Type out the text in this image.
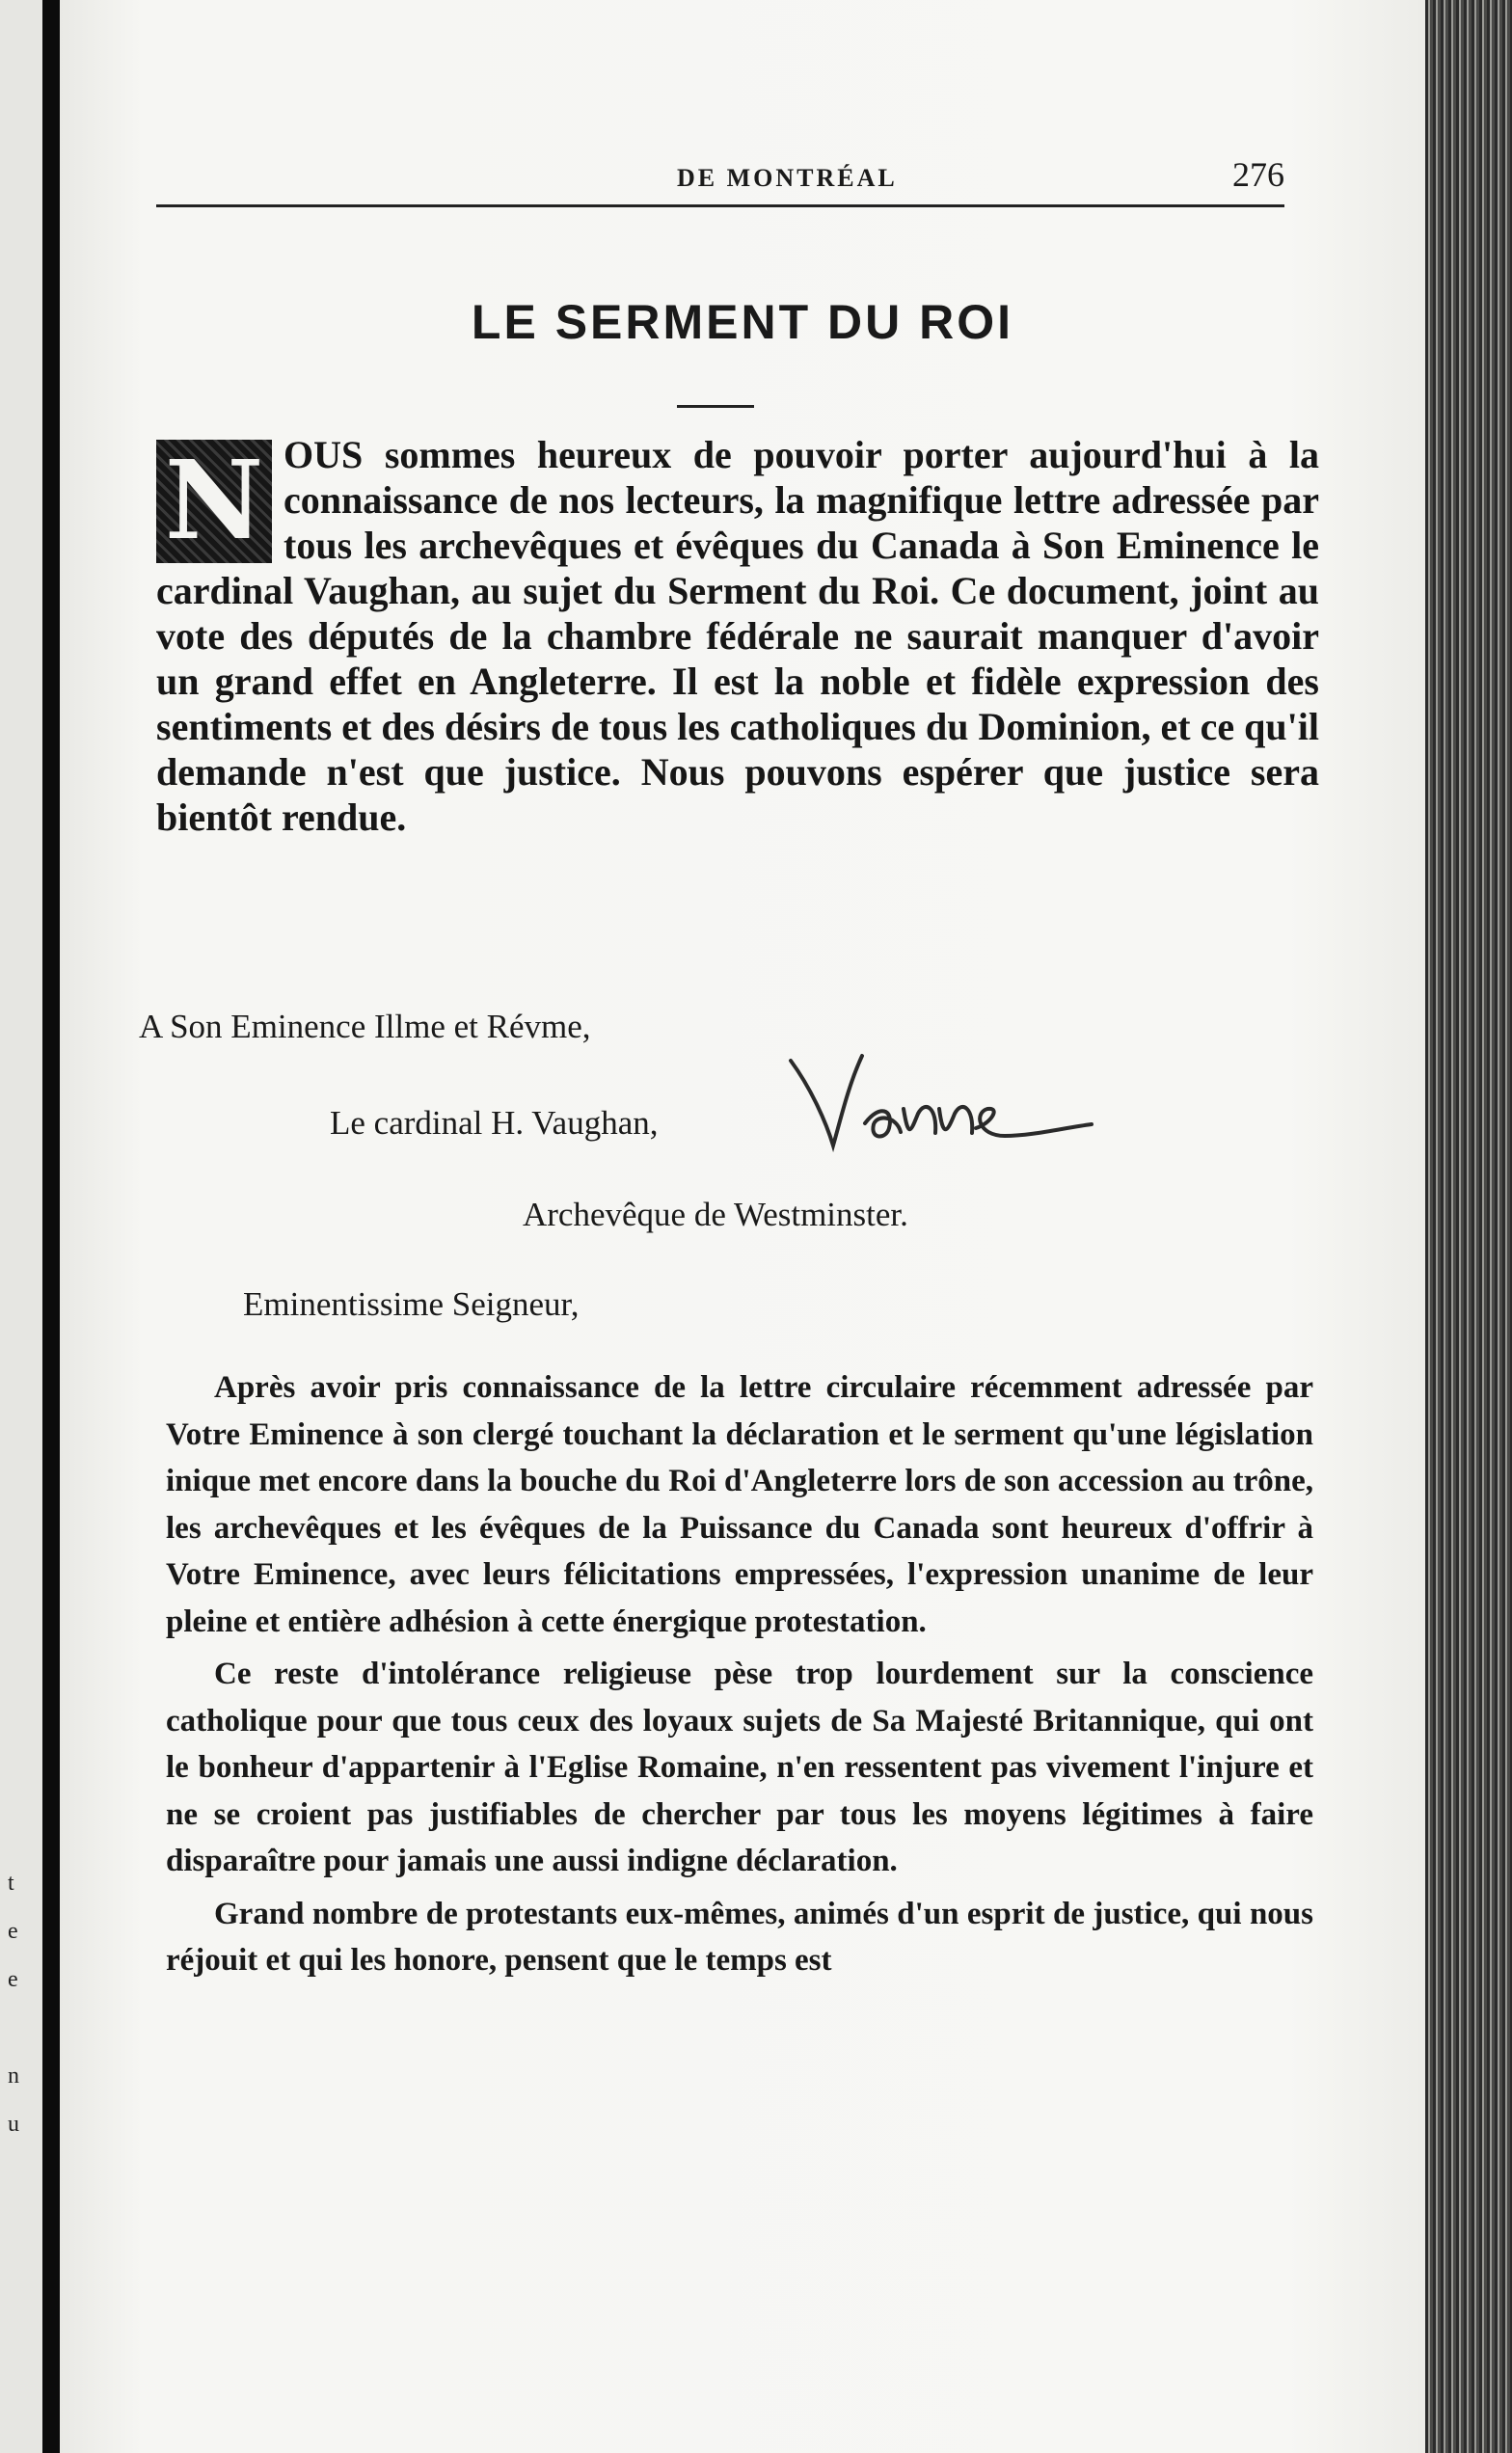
t
e
e
n
u
DE MONTRÉAL	276
LE SERMENT DU ROI
N OUS sommes heureux de pouvoir porter aujourd'hui à la connaissance de nos lecteurs, la magnifique lettre adressée par tous les archevêques et évêques du Canada à Son Eminence le cardinal Vaughan, au sujet du Serment du Roi. Ce document, joint au vote des députés de la chambre fédérale ne saurait manquer d'avoir un grand effet en Angleterre. Il est la noble et fidèle expression des sentiments et des désirs de tous les catholiques du Dominion, et ce qu'il demande n'est que justice. Nous pouvons espérer que justice sera bientôt rendue.
A Son Eminence Illme et Révme,
Le cardinal H. Vaughan,
Archevêque de Westminster.
Eminentissime Seigneur,

Après avoir pris connaissance de la lettre circulaire récemment adressée par Votre Eminence à son clergé touchant la déclaration et le serment qu'une législation inique met encore dans la bouche du Roi d'Angleterre lors de son accession au trône, les archevêques et les évêques de la Puissance du Canada sont heureux d'offrir à Votre Eminence, avec leurs félicitations empressées, l'expression unanime de leur pleine et entière adhésion à cette énergique protestation.

Ce reste d'intolérance religieuse pèse trop lourdement sur la conscience catholique pour que tous ceux des loyaux sujets de Sa Majesté Britannique, qui ont le bonheur d'appartenir à l'Eglise Romaine, n'en ressentent pas vivement l'injure et ne se croient pas justifiables de chercher par tous les moyens légitimes à faire disparaître pour jamais une aussi indigne déclaration.

Grand nombre de protestants eux-mêmes, animés d'un esprit de justice, qui nous réjouit et qui les honore, pensent que le temps est
